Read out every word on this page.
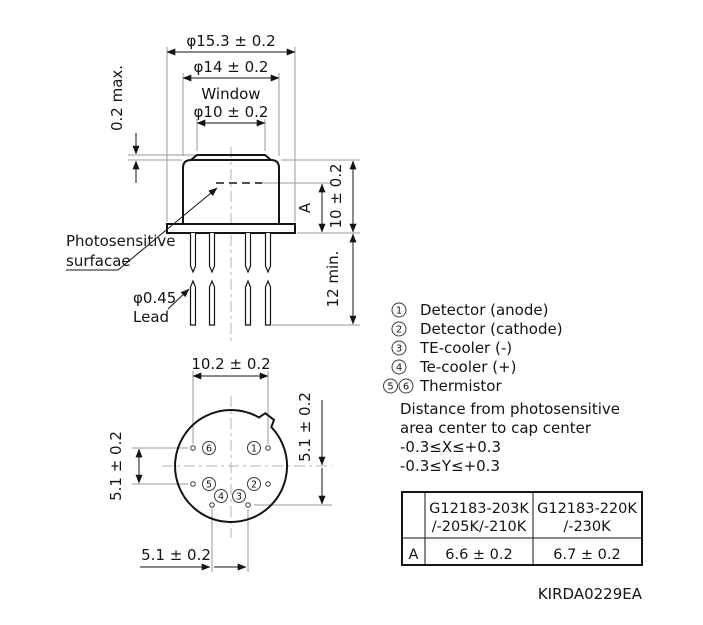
φ15.3 ± 0.2
φ14 ± 0.2
Window
φ10 ± 0.2
0.2 max.
A 10 ± 0.2
12 min.
Photosensitive
surfacae
φ0.45
Lead
1
2
3
4
5
6
10.2 ± 0.2
5.1 ± 0.2
5.1 ± 0.2
5.1 ± 0.2
1 Detector (anode)
2 Detector (cathode)
3 TE-cooler (-)
4 Te-cooler (+)
5 6 Thermistor
Distance from photosensitive
area center to cap center
-0.3≤X≤+0.3
-0.3≤Y≤+0.3
G12183-203K
/-205K/-210K
G12183-220K
/-230K
A 6.6 ± 0.2	6.7 ± 0.2
KIRDA0229EA
